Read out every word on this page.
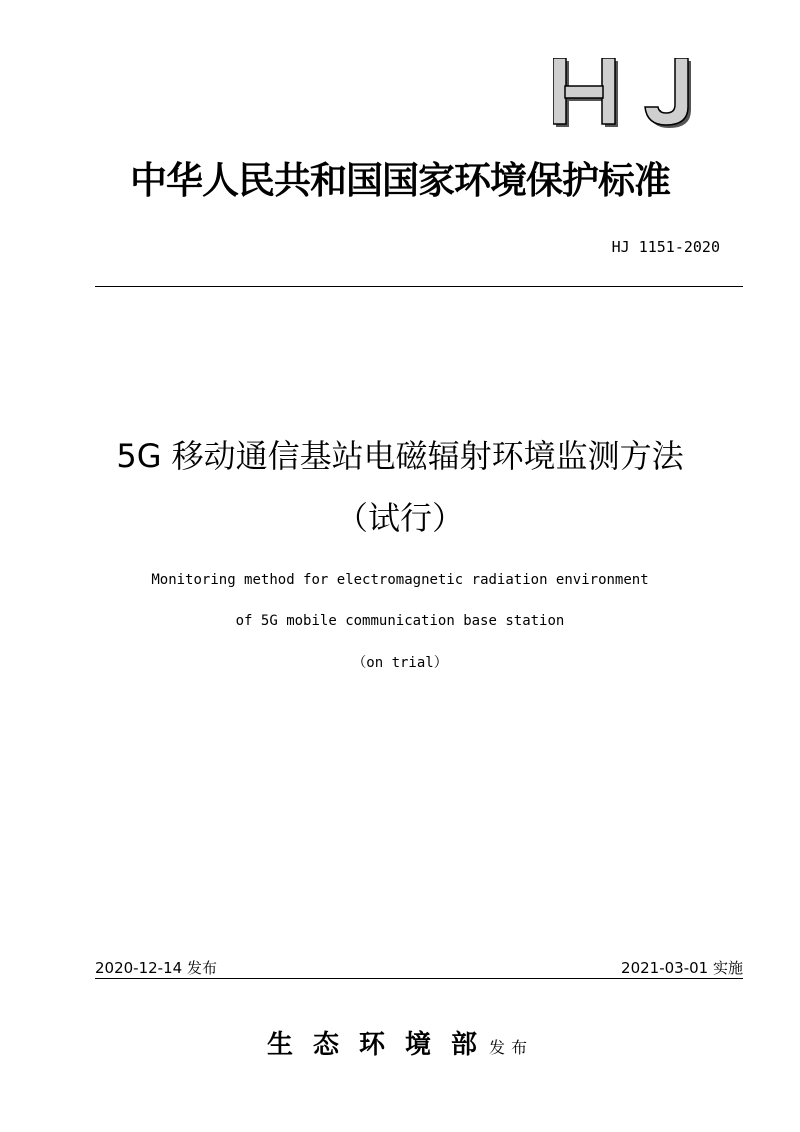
中华人民共和国国家环境保护标准
HJ 1151-2020
5G 移动通信基站电磁辐射环境监测方法
（试行）
Monitoring method for electromagnetic radiation environment
of 5G mobile communication base station
（on trial）
2020-12-14 发布	2021-03-01 实施
生态环境部发布
